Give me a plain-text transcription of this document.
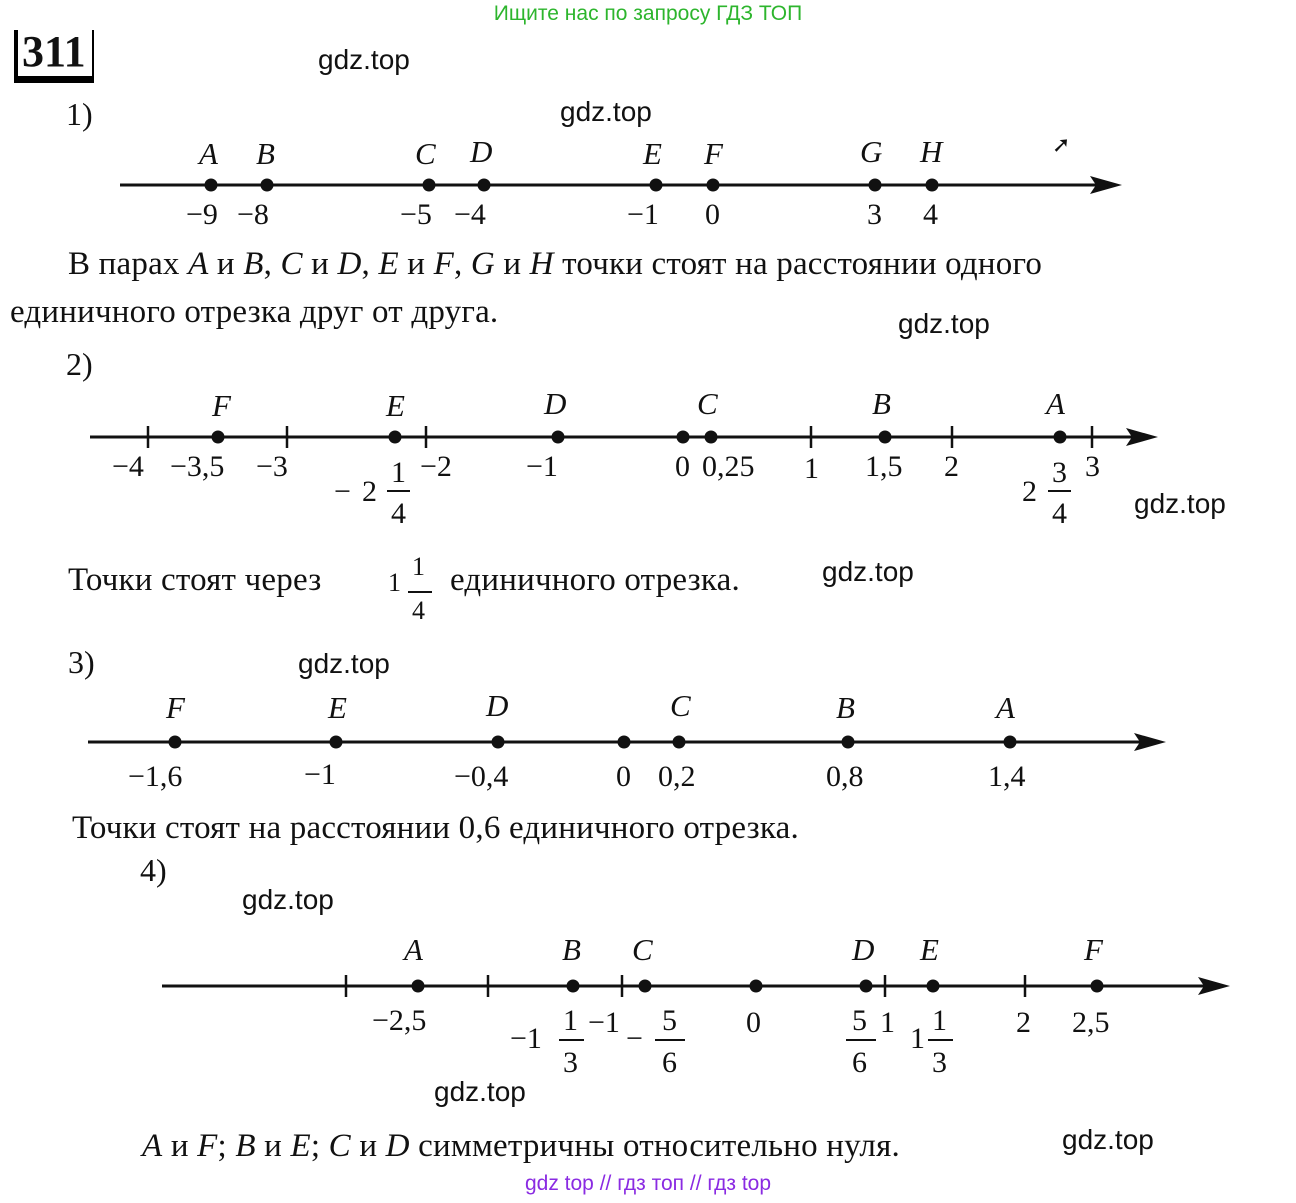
Ищите нас по запросу ГДЗ ТОП
311	gdz.top
gdz.top
gdz.top
gdz.top
gdz.top
gdz.top
gdz.top
gdz.top
gdz.top
1)
➚
A B	C D	E F	G H
−9 −8	−5 −4	−1 0	3 4
В парах A и B, C и D, E и F, G и H точки стоят на расстоянии одного
единичного отрезка друг от друга.
2)
F	E	D	C	B	A
−4 −3,5 −3	−2 −1	0 0,25 1 1,5 2	3
− 2
1
4
2
3
4
Точки стоят через	1
1
4
единичного отрезка.
3)
F	E	D	C	B	A
−1,6	−1	−0,4	0 0,2	0,8	1,4
Точки стоят на расстоянии 0,6 единичного отрезка.
4)
A	B C	D E	F
−2,5	−1	0	1	2 2,5
−1
1
3
−
5
6
5
6
1
1
3
A и F; B и E; C и D симметричны относительно нуля.
gdz top // гдз топ // гдз top
